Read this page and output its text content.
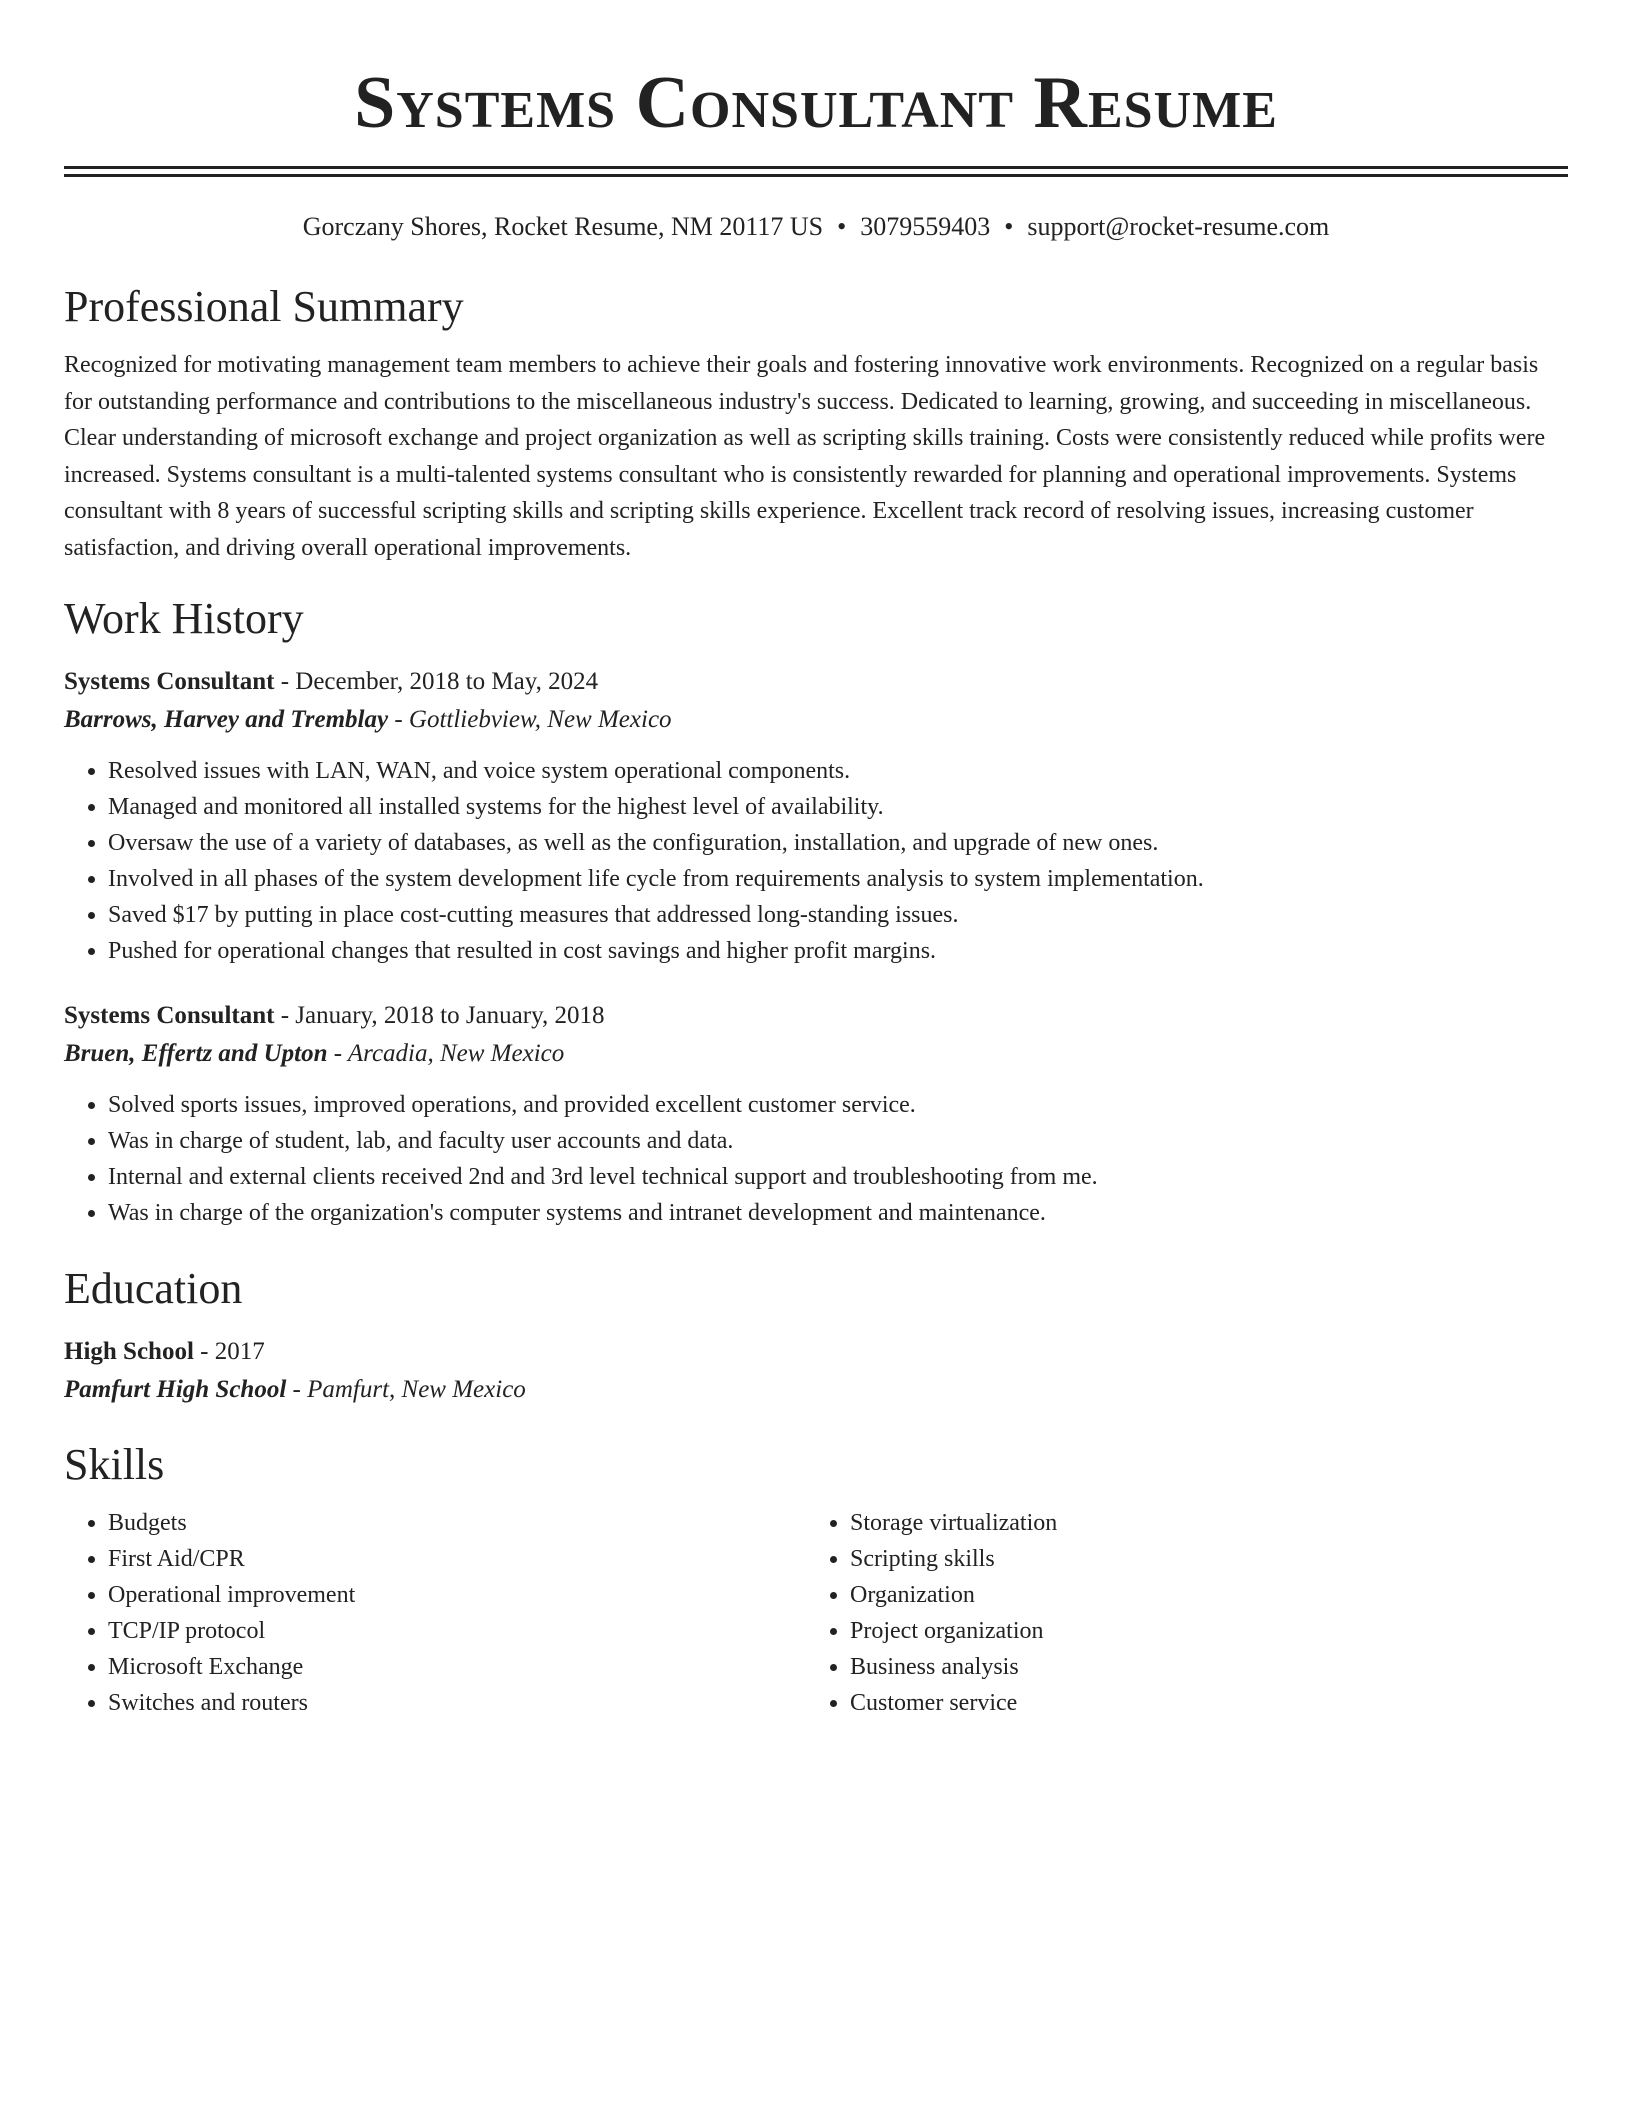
Systems Consultant Resume
Gorczany Shores, Rocket Resume, NM 20117 US • 3079559403 • support@rocket-resume.com
Professional Summary

Recognized for motivating management team members to achieve their goals and fostering innovative work environments. Recognized on a regular basis for outstanding performance and contributions to the miscellaneous industry's success. Dedicated to learning, growing, and succeeding in miscellaneous. Clear understanding of microsoft exchange and project organization as well as scripting skills training. Costs were consistently reduced while profits were increased. Systems consultant is a multi-talented systems consultant who is consistently rewarded for planning and operational improvements. Systems consultant with 8 years of successful scripting skills and scripting skills experience. Excellent track record of resolving issues, increasing customer satisfaction, and driving overall operational improvements.

Work History
Systems Consultant - December, 2018 to May, 2024
Barrows, Harvey and Tremblay - Gottliebview, New Mexico
• Resolved issues with LAN, WAN, and voice system operational components.
• Managed and monitored all installed systems for the highest level of availability.
• Oversaw the use of a variety of databases, as well as the configuration, installation, and upgrade of new ones.
• Involved in all phases of the system development life cycle from requirements analysis to system implementation.
• Saved $17 by putting in place cost-cutting measures that addressed long-standing issues.
• Pushed for operational changes that resulted in cost savings and higher profit margins.
Systems Consultant - January, 2018 to January, 2018
Bruen, Effertz and Upton - Arcadia, New Mexico
• Solved sports issues, improved operations, and provided excellent customer service.
• Was in charge of student, lab, and faculty user accounts and data.
• Internal and external clients received 2nd and 3rd level technical support and troubleshooting from me.
• Was in charge of the organization's computer systems and intranet development and maintenance.
Education
High School - 2017
Pamfurt High School - Pamfurt, New Mexico
Skills
• Budgets
• First Aid/CPR
• Operational improvement
• TCP/IP protocol
• Microsoft Exchange
• Switches and routers
• Storage virtualization
• Scripting skills
• Organization
• Project organization
• Business analysis
• Customer service
